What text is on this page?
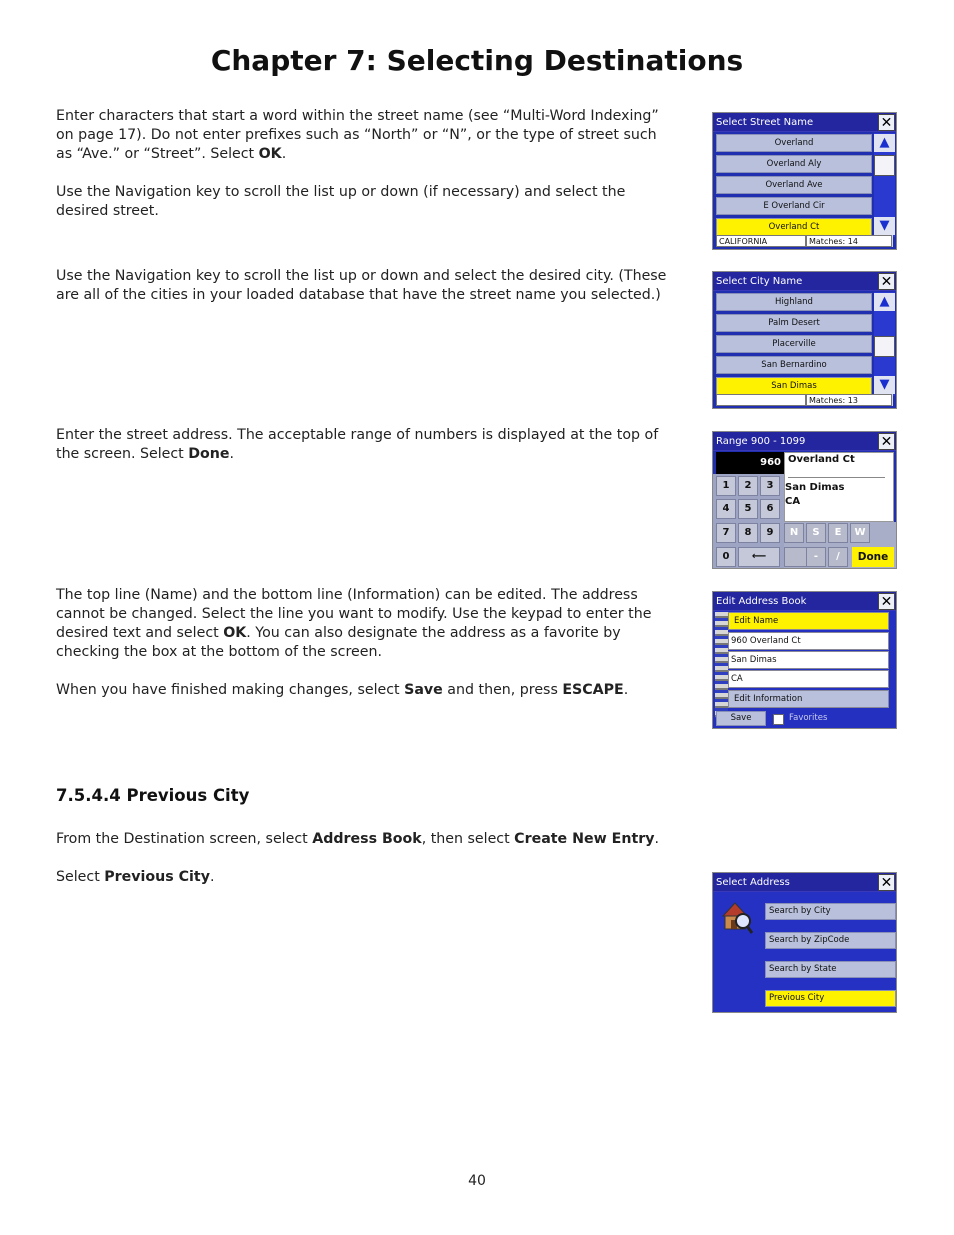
Chapter 7: Selecting Destinations

Enter characters that start a word within the street name (see “Multi-Word Indexing” on page 17). Do not enter prefixes such as “North” or “N”, or the type of street such as “Ave.” or “Street”. Select OK.

Use the Navigation key to scroll the list up or down (if necessary) and select the desired street.

Use the Navigation key to scroll the list up or down and select the desired city. (These are all of the cities in your loaded database that have the street name you selected.)

Enter the street address. The acceptable range of numbers is displayed at the top of the screen. Select Done.

The top line (Name) and the bottom line (Information) can be edited. The address cannot be changed. Select the line you want to modify. Use the keypad to enter the desired text and select OK. You can also designate the address as a favorite by checking the box at the bottom of the screen.

When you have finished making changes, select Save and then, press ESCAPE.

7.5.4.4 Previous City

From the Destination screen, select Address Book, then select Create New Entry.

Select Previous City.

Select Street Name	✕
Overland
Overland Aly
Overland Ave
E Overland Cir
Overland Ct
▲
▼
CALIFORNIA	Matches: 14
Select City Name	✕
Highland
Palm Desert
Placerville
San Bernardino
San Dimas
▲
▼
Matches: 13
Range 900 - 1099	✕
960 Overland Ct
San Dimas
CA
1	2	3
4	5	6
7	8	9
0	⟵
N	S	E	W
-	/	Done
Edit Address Book	✕
Edit Name
960 Overland Ct
San Dimas
CA
Edit Information
Save	Favorites
Select Address	✕
Search by City
Search by ZipCode
Search by State
Previous City
40
